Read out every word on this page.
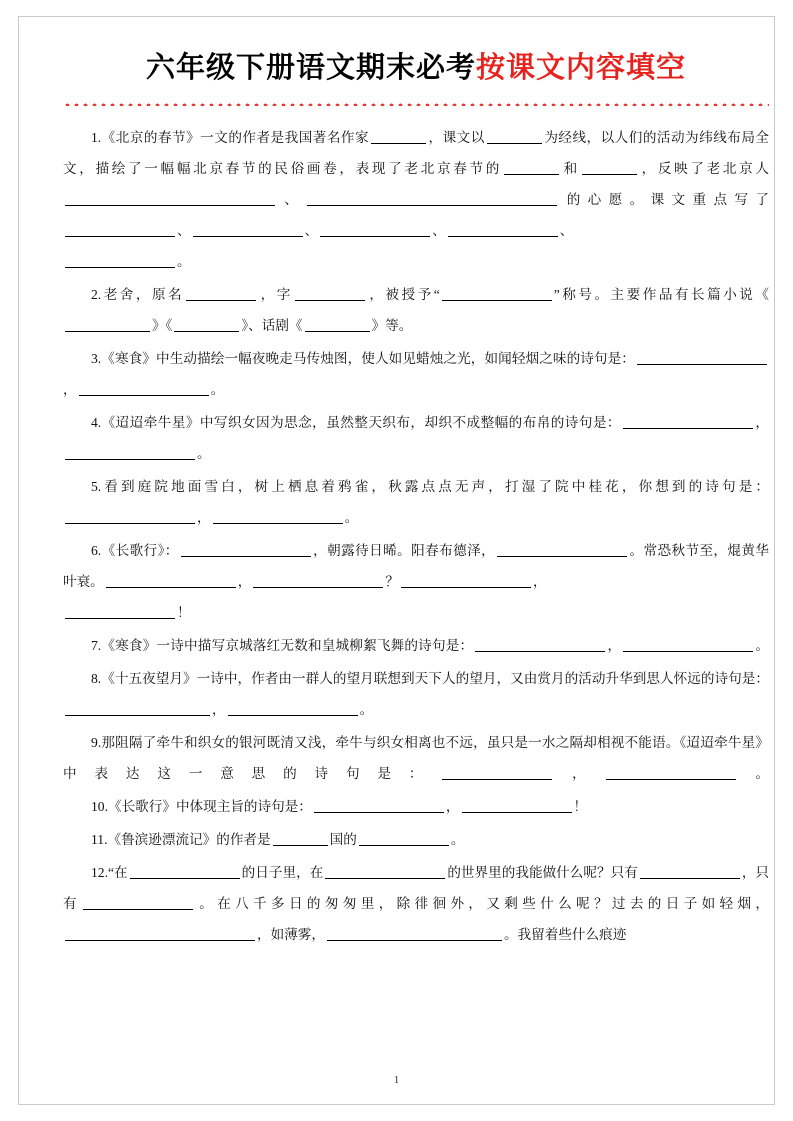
六年级下册语文期末必考按课文内容填空

1.《北京的春节》一文的作者是我国著名作家	，课文以	为经线，以人们的活动为纬线布局全文，描绘了一幅幅北京春节的民俗画卷，表现了老北京春节的	和	，反映了老北京人、	的心愿。课文重点写了、	、	、	、
。

2.老舍，原名	，字	，被授予“	”称号。主要作品有长篇小说《》《	》、话剧《	》等。

3.《寒食》中生动描绘一幅夜晚走马传烛图，使人如见蜡烛之光，如闻轻烟之味的诗句是：，	。

4.《迢迢牵牛星》中写织女因为思念，虽然整天织布，却织不成整幅的布帛的诗句是：	，。

5.看到庭院地面雪白，树上栖息着鸦雀，秋露点点无声，打湿了院中桂花，你想到的诗句是：，	。

6.《长歌行》：	，朝露待日晞。阳春布德泽，	。常恐秋节至，焜黄华叶衰。	，	？	，
！

7.《寒食》一诗中描写京城落红无数和皇城柳絮飞舞的诗句是：	，	。

8.《十五夜望月》一诗中，作者由一群人的望月联想到天下人的望月，又由赏月的活动升华到思人怀远的诗句是：，	。

9.那阻隔了牵牛和织女的银河既清又浅，牵牛与织女相离也不远，虽只是一水之隔却相视不能语。《迢迢牵牛星》中表达这一意思的诗句是：	，	。

10.《长歌行》中体现主旨的诗句是：	，	！

11.《鲁滨逊漂流记》的作者是	国的	。

12.“在	的日子里，在	的世界里的我能做什么呢？只有	，只有	。在八千多日的匆匆里，除徘徊外，又剩些什么呢？过去的日子如轻烟，，如薄雾，	。我留着些什么痕迹

1
